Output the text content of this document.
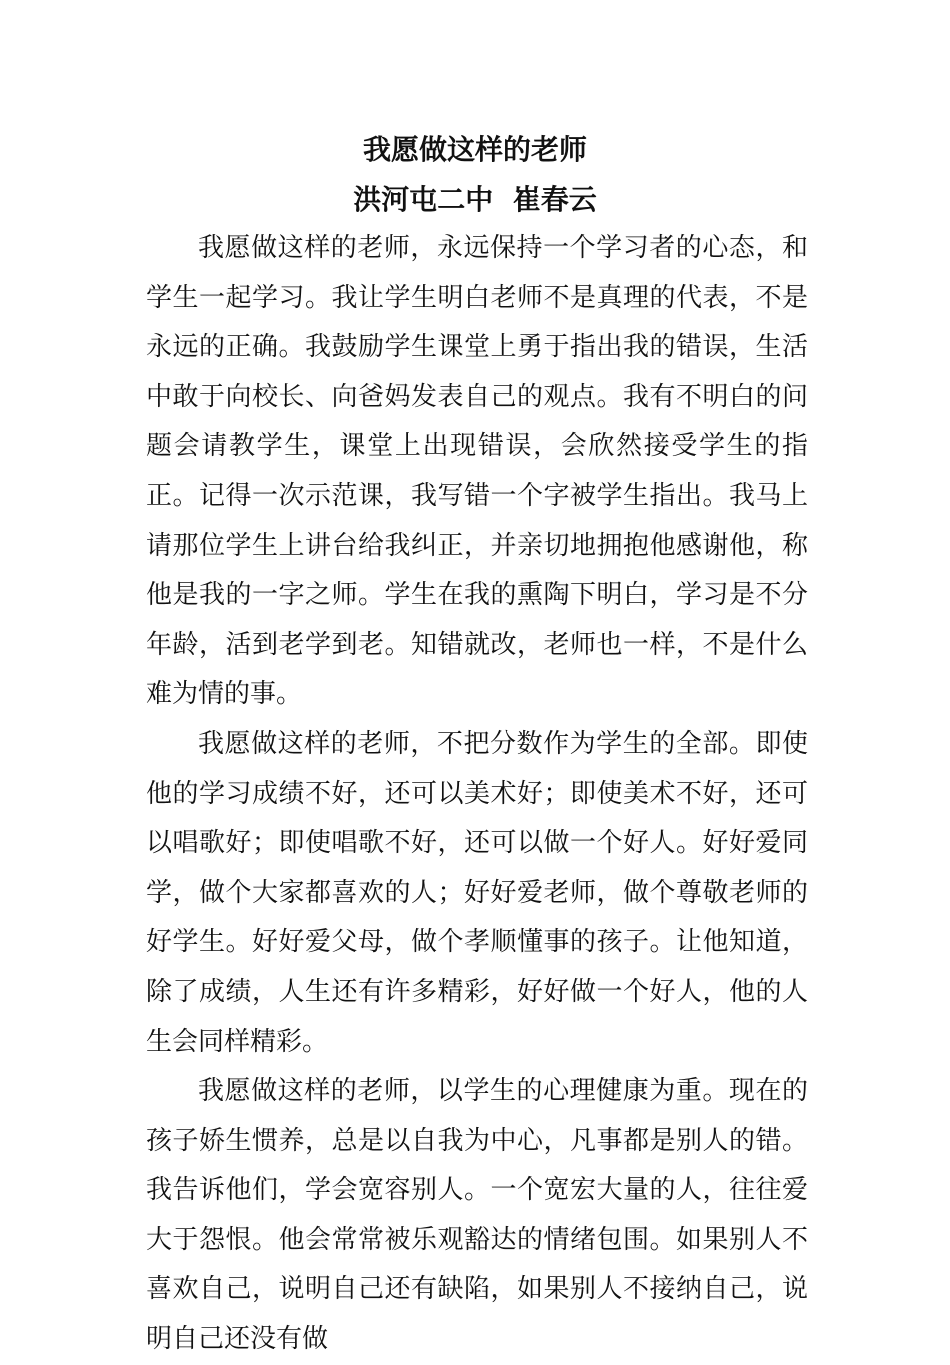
我愿做这样的老师
洪河屯二中  崔春云

我愿做这样的老师，永远保持一个学习者的心态，和学生一起学习。我让学生明白老师不是真理的代表，不是永远的正确。我鼓励学生课堂上勇于指出我的错误，生活中敢于向校长、向爸妈发表自己的观点。我有不明白的问题会请教学生，课堂上出现错误，会欣然接受学生的指正。记得一次示范课，我写错一个字被学生指出。我马上请那位学生上讲台给我纠正，并亲切地拥抱他感谢他，称他是我的一字之师。学生在我的熏陶下明白，学习是不分年龄，活到老学到老。知错就改，老师也一样，不是什么难为情的事。

我愿做这样的老师，不把分数作为学生的全部。即使他的学习成绩不好，还可以美术好；即使美术不好，还可以唱歌好；即使唱歌不好，还可以做一个好人。好好爱同学，做个大家都喜欢的人；好好爱老师，做个尊敬老师的好学生。好好爱父母，做个孝顺懂事的孩子。让他知道，除了成绩，人生还有许多精彩，好好做一个好人，他的人生会同样精彩。

我愿做这样的老师，以学生的心理健康为重。现在的孩子娇生惯养，总是以自我为中心，凡事都是别人的错。我告诉他们，学会宽容别人。一个宽宏大量的人，往往爱大于怨恨。他会常常被乐观豁达的情绪包围。如果别人不喜欢自己，说明自己还有缺陷，如果别人不接纳自己，说明自己还没有做
